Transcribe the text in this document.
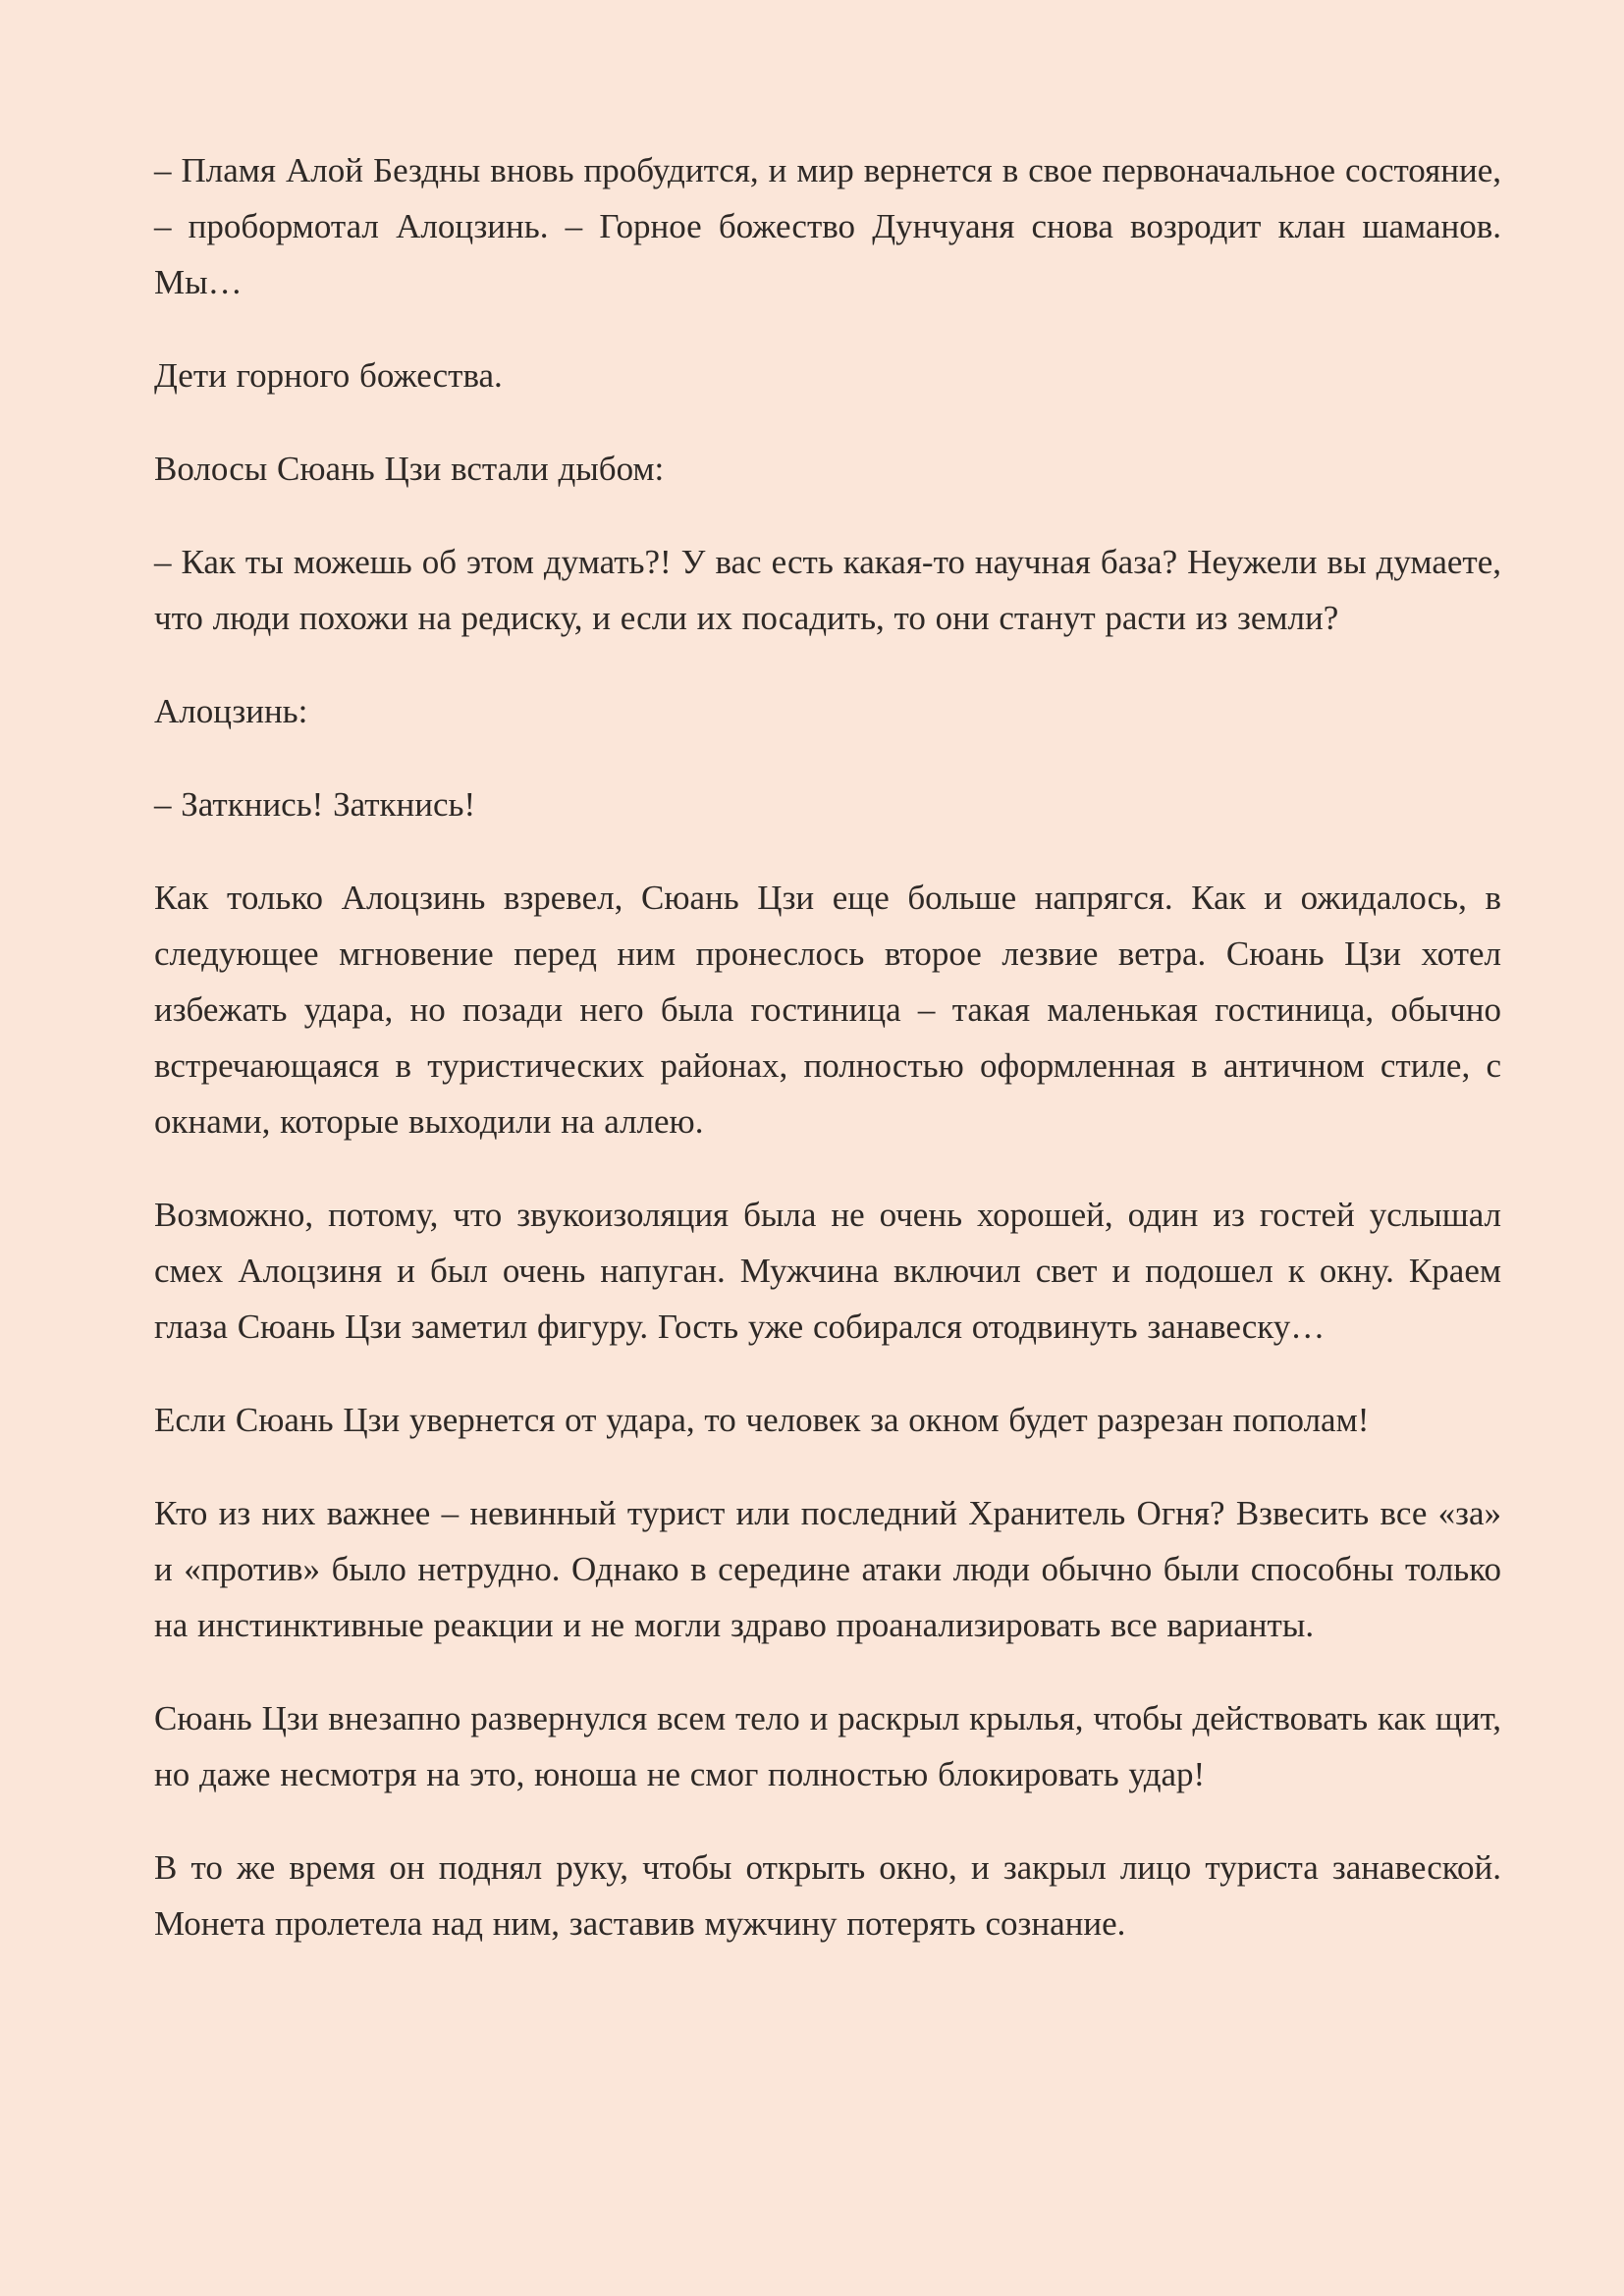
– Пламя Алой Бездны вновь пробудится, и мир вернется в свое первоначальное состояние, – пробормотал Алоцзинь. – Горное божество Дунчуаня снова возродит клан шаманов. Мы…

Дети горного божества.

Волосы Сюань Цзи встали дыбом:

– Как ты можешь об этом думать?! У вас есть какая-то научная база? Неужели вы думаете, что люди похожи на редиску, и если их посадить, то они станут расти из земли?

Алоцзинь:

– Заткнись! Заткнись!

Как только Алоцзинь взревел, Сюань Цзи еще больше напрягся. Как и ожидалось, в следующее мгновение перед ним пронеслось второе лезвие ветра. Сюань Цзи хотел избежать удара, но позади него была гостиница – такая маленькая гостиница, обычно встречающаяся в туристических районах, полностью оформленная в античном стиле, с окнами, которые выходили на аллею.

Возможно, потому, что звукоизоляция была не очень хорошей, один из гостей услышал смех Алоцзиня и был очень напуган. Мужчина включил свет и подошел к окну. Краем глаза Сюань Цзи заметил фигуру. Гость уже собирался отодвинуть занавеску…

Если Сюань Цзи увернется от удара, то человек за окном будет разрезан пополам!

Кто из них важнее – невинный турист или последний Хранитель Огня? Взвесить все «за» и «против» было нетрудно. Однако в середине атаки люди обычно были способны только на инстинктивные реакции и не могли здраво проанализировать все варианты.

Сюань Цзи внезапно развернулся всем тело и раскрыл крылья, чтобы действовать как щит, но даже несмотря на это, юноша не смог полностью блокировать удар!

В то же время он поднял руку, чтобы открыть окно, и закрыл лицо туриста занавеской. Монета пролетела над ним, заставив мужчину потерять сознание.
